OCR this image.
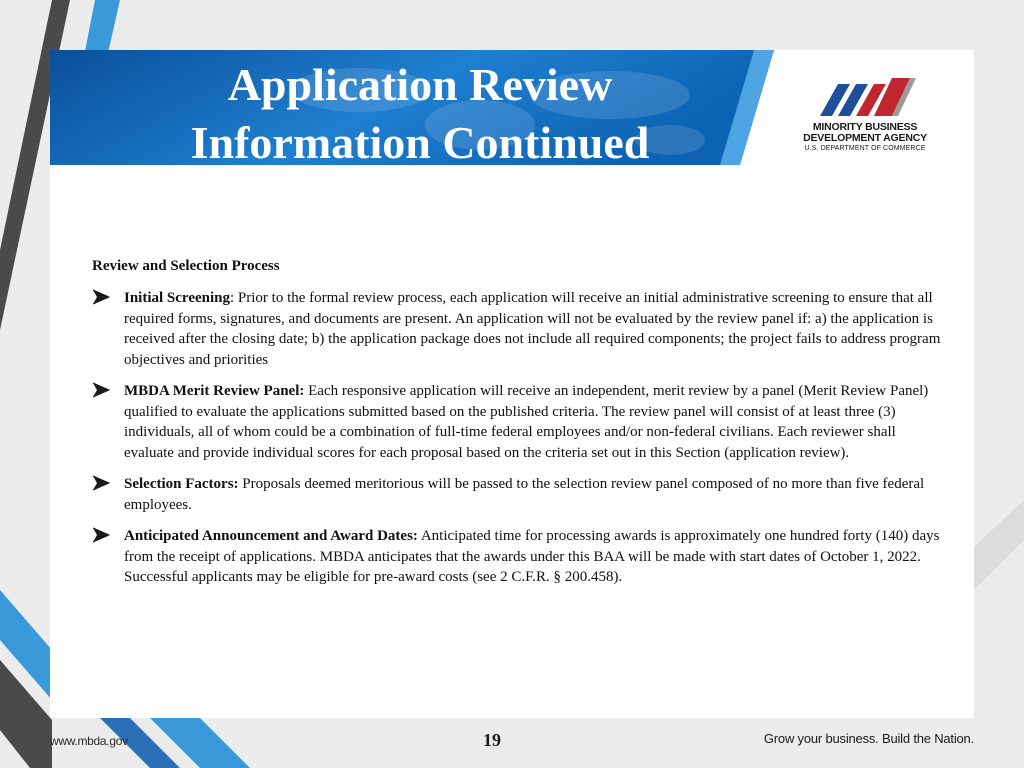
Application Review
Information Continued	MINORITY BUSINESS
DEVELOPMENT AGENCY
U.S. DEPARTMENT OF COMMERCE

Review and Selection Process

Initial Screening: Prior to the formal review process, each application will receive an initial administrative screening to ensure that all required forms, signatures, and documents are present. An application will not be evaluated by the review panel if: a) the application is received after the closing date; b) the application package does not include all required components; the project fails to address program objectives and priorities
MBDA Merit Review Panel: Each responsive application will receive an independent, merit review by a panel (Merit Review Panel) qualified to evaluate the applications submitted based on the published criteria. The review panel will consist of at least three (3) individuals, all of whom could be a combination of full-time federal employees and/or non-federal civilians. Each reviewer shall evaluate and provide individual scores for each proposal based on the criteria set out in this Section (application review).
Selection Factors: Proposals deemed meritorious will be passed to the selection review panel composed of no more than five federal employees.
Anticipated Announcement and Award Dates: Anticipated time for processing awards is approximately one hundred forty (140) days from the receipt of applications. MBDA anticipates that the awards under this BAA will be made with start dates of October 1, 2022. Successful applicants may be eligible for pre-award costs (see 2 C.F.R. § 200.458).
www.mbda.gov	19	Grow your business. Build the Nation.
